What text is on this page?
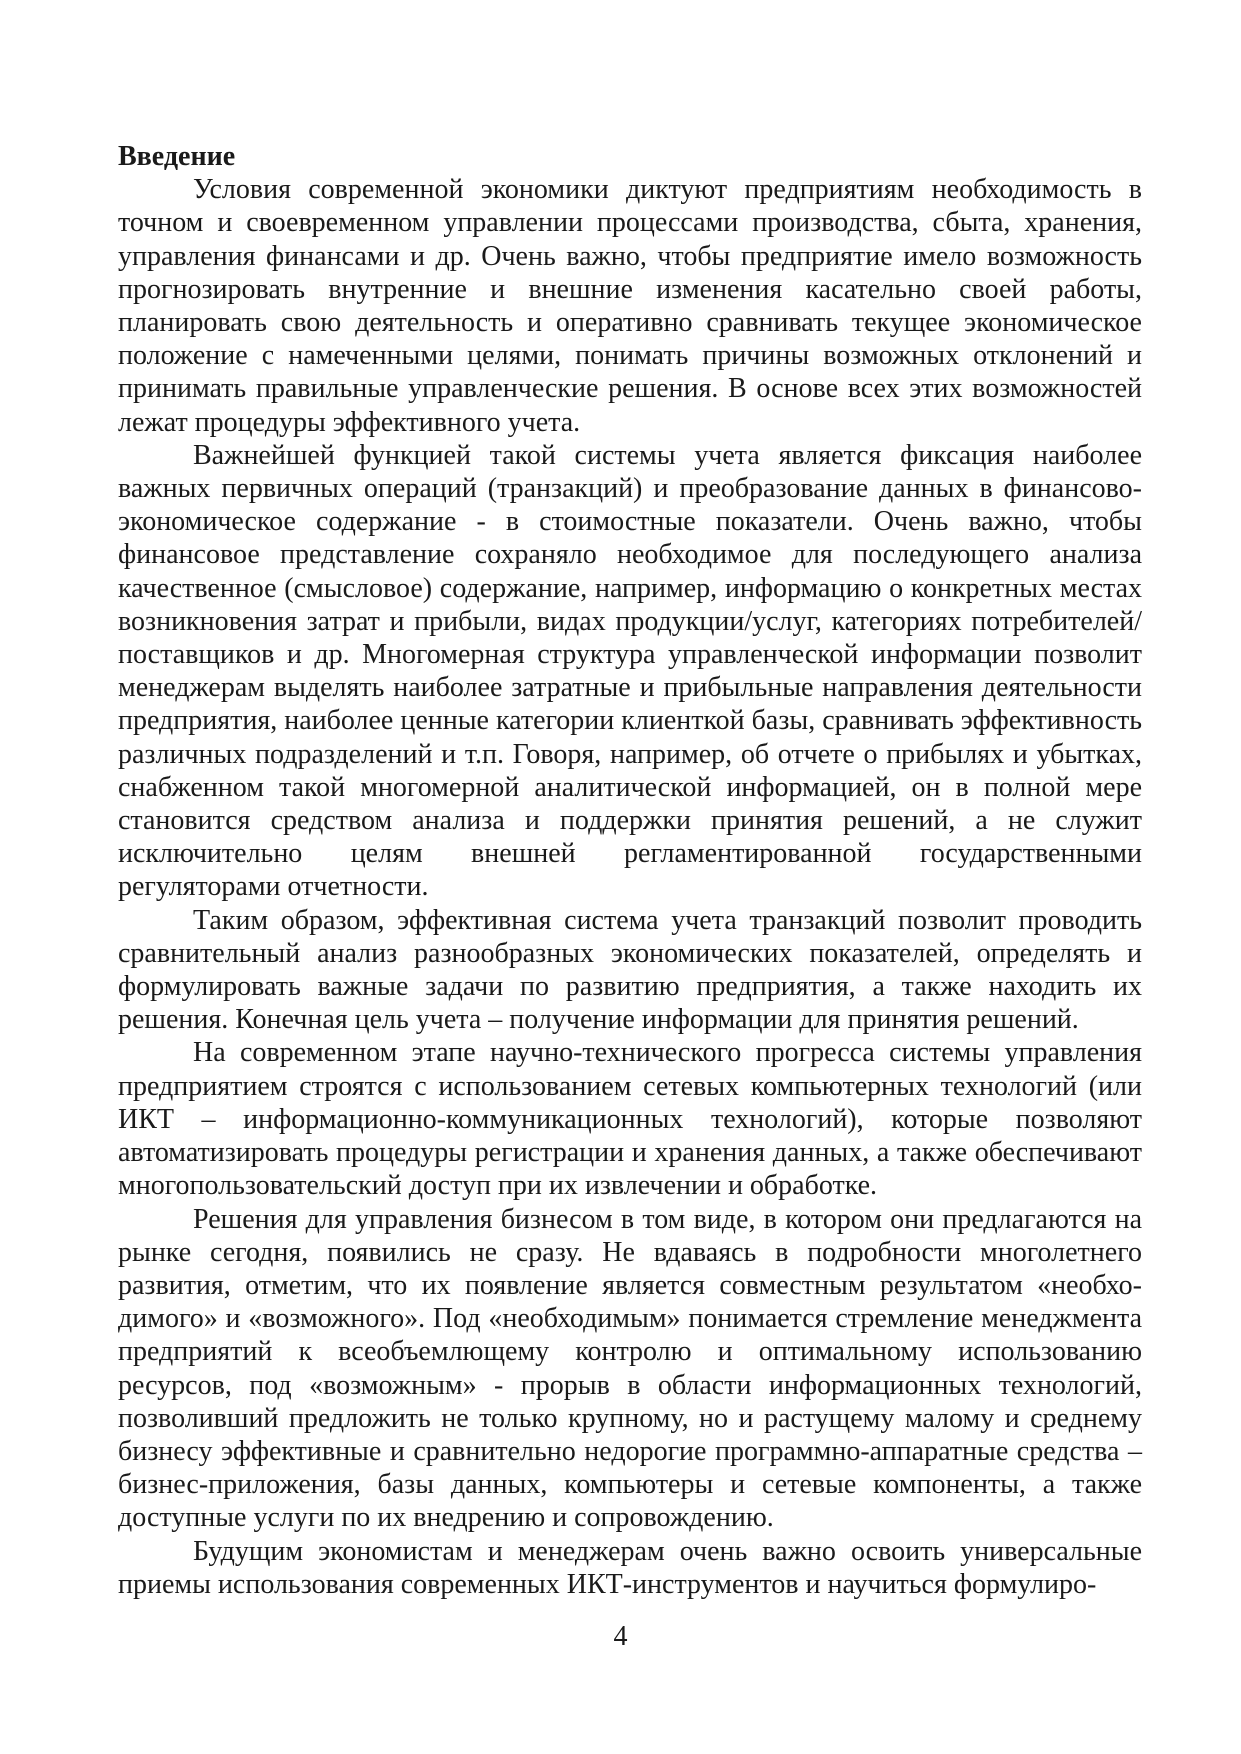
Введение

Условия современной экономики диктуют предприятиям необходимость в точном и своевременном управлении процессами производства, сбыта, хранения, управления финансами и др. Очень важно, чтобы предприятие имело возможность прогнозировать внутренние и внешние изменения касательно своей работы, планировать свою деятельность и оперативно сравнивать текущее экономическое положение с намеченными целями, понимать причины возможных отклонений и принимать правильные управленческие решения. В основе всех этих возможностей лежат процедуры эффективного учета.

Важнейшей функцией такой системы учета является фиксация наиболее важных первичных операций (транзакций) и преобразование данных в финансово-экономическое содержание - в стоимостные показатели. Очень важно, чтобы финансовое представление сохраняло необходимое для последующего анализа качественное (смысловое) содержание, например, информацию о конкретных местах возникновения затрат и прибыли, видах продукции/услуг, категориях потребителей/поставщиков и др. Многомерная структура управленческой информации позволит менеджерам выделять наиболее затратные и прибыльные направления деятельности предприятия, наиболее ценные категории клиенткой базы, сравнивать эффективность различных подразделений и т.п. Говоря, например, об отчете о прибылях и убытках, снабженном такой многомерной аналитической информацией, он в полной мере становится средством анализа и поддержки принятия решений, а не служит исключительно целям внешней регламентированной государственными регуляторами отчетности.

Таким образом, эффективная система учета транзакций позволит проводить сравнительный анализ разнообразных экономических показателей, определять и формулировать важные задачи по развитию предприятия, а также находить их решения. Конечная цель учета – получение информации для принятия решений.

На современном этапе научно-технического прогресса системы управления предприятием строятся с использованием сетевых компьютерных технологий (или ИКТ – информационно-коммуникационных технологий), которые позволяют автоматизировать процедуры регистрации и хранения данных, а также обеспечивают многопользовательский доступ при их извлечении и обработке.

Решения для управления бизнесом в том виде, в котором они предлагаются на рынке сегодня, появились не сразу. Не вдаваясь в подробности многолетнего развития, отметим, что их появление является совместным результатом «необходимого» и «возможного». Под «необходимым» понимается стремление менеджмента предприятий к всеобъемлющему контролю и оптимальному использованию ресурсов, под «возможным» - прорыв в области информационных технологий, позволивший предложить не только крупному, но и растущему малому и среднему бизнесу эффективные и сравнительно недорогие программно-аппаратные средства – бизнес-приложения, базы данных, компьютеры и сетевые компоненты, а также доступные услуги по их внедрению и сопровождению.

Будущим экономистам и менеджерам очень важно освоить универсальные приемы использования современных ИКТ-инструментов и научиться формулиро-

4
